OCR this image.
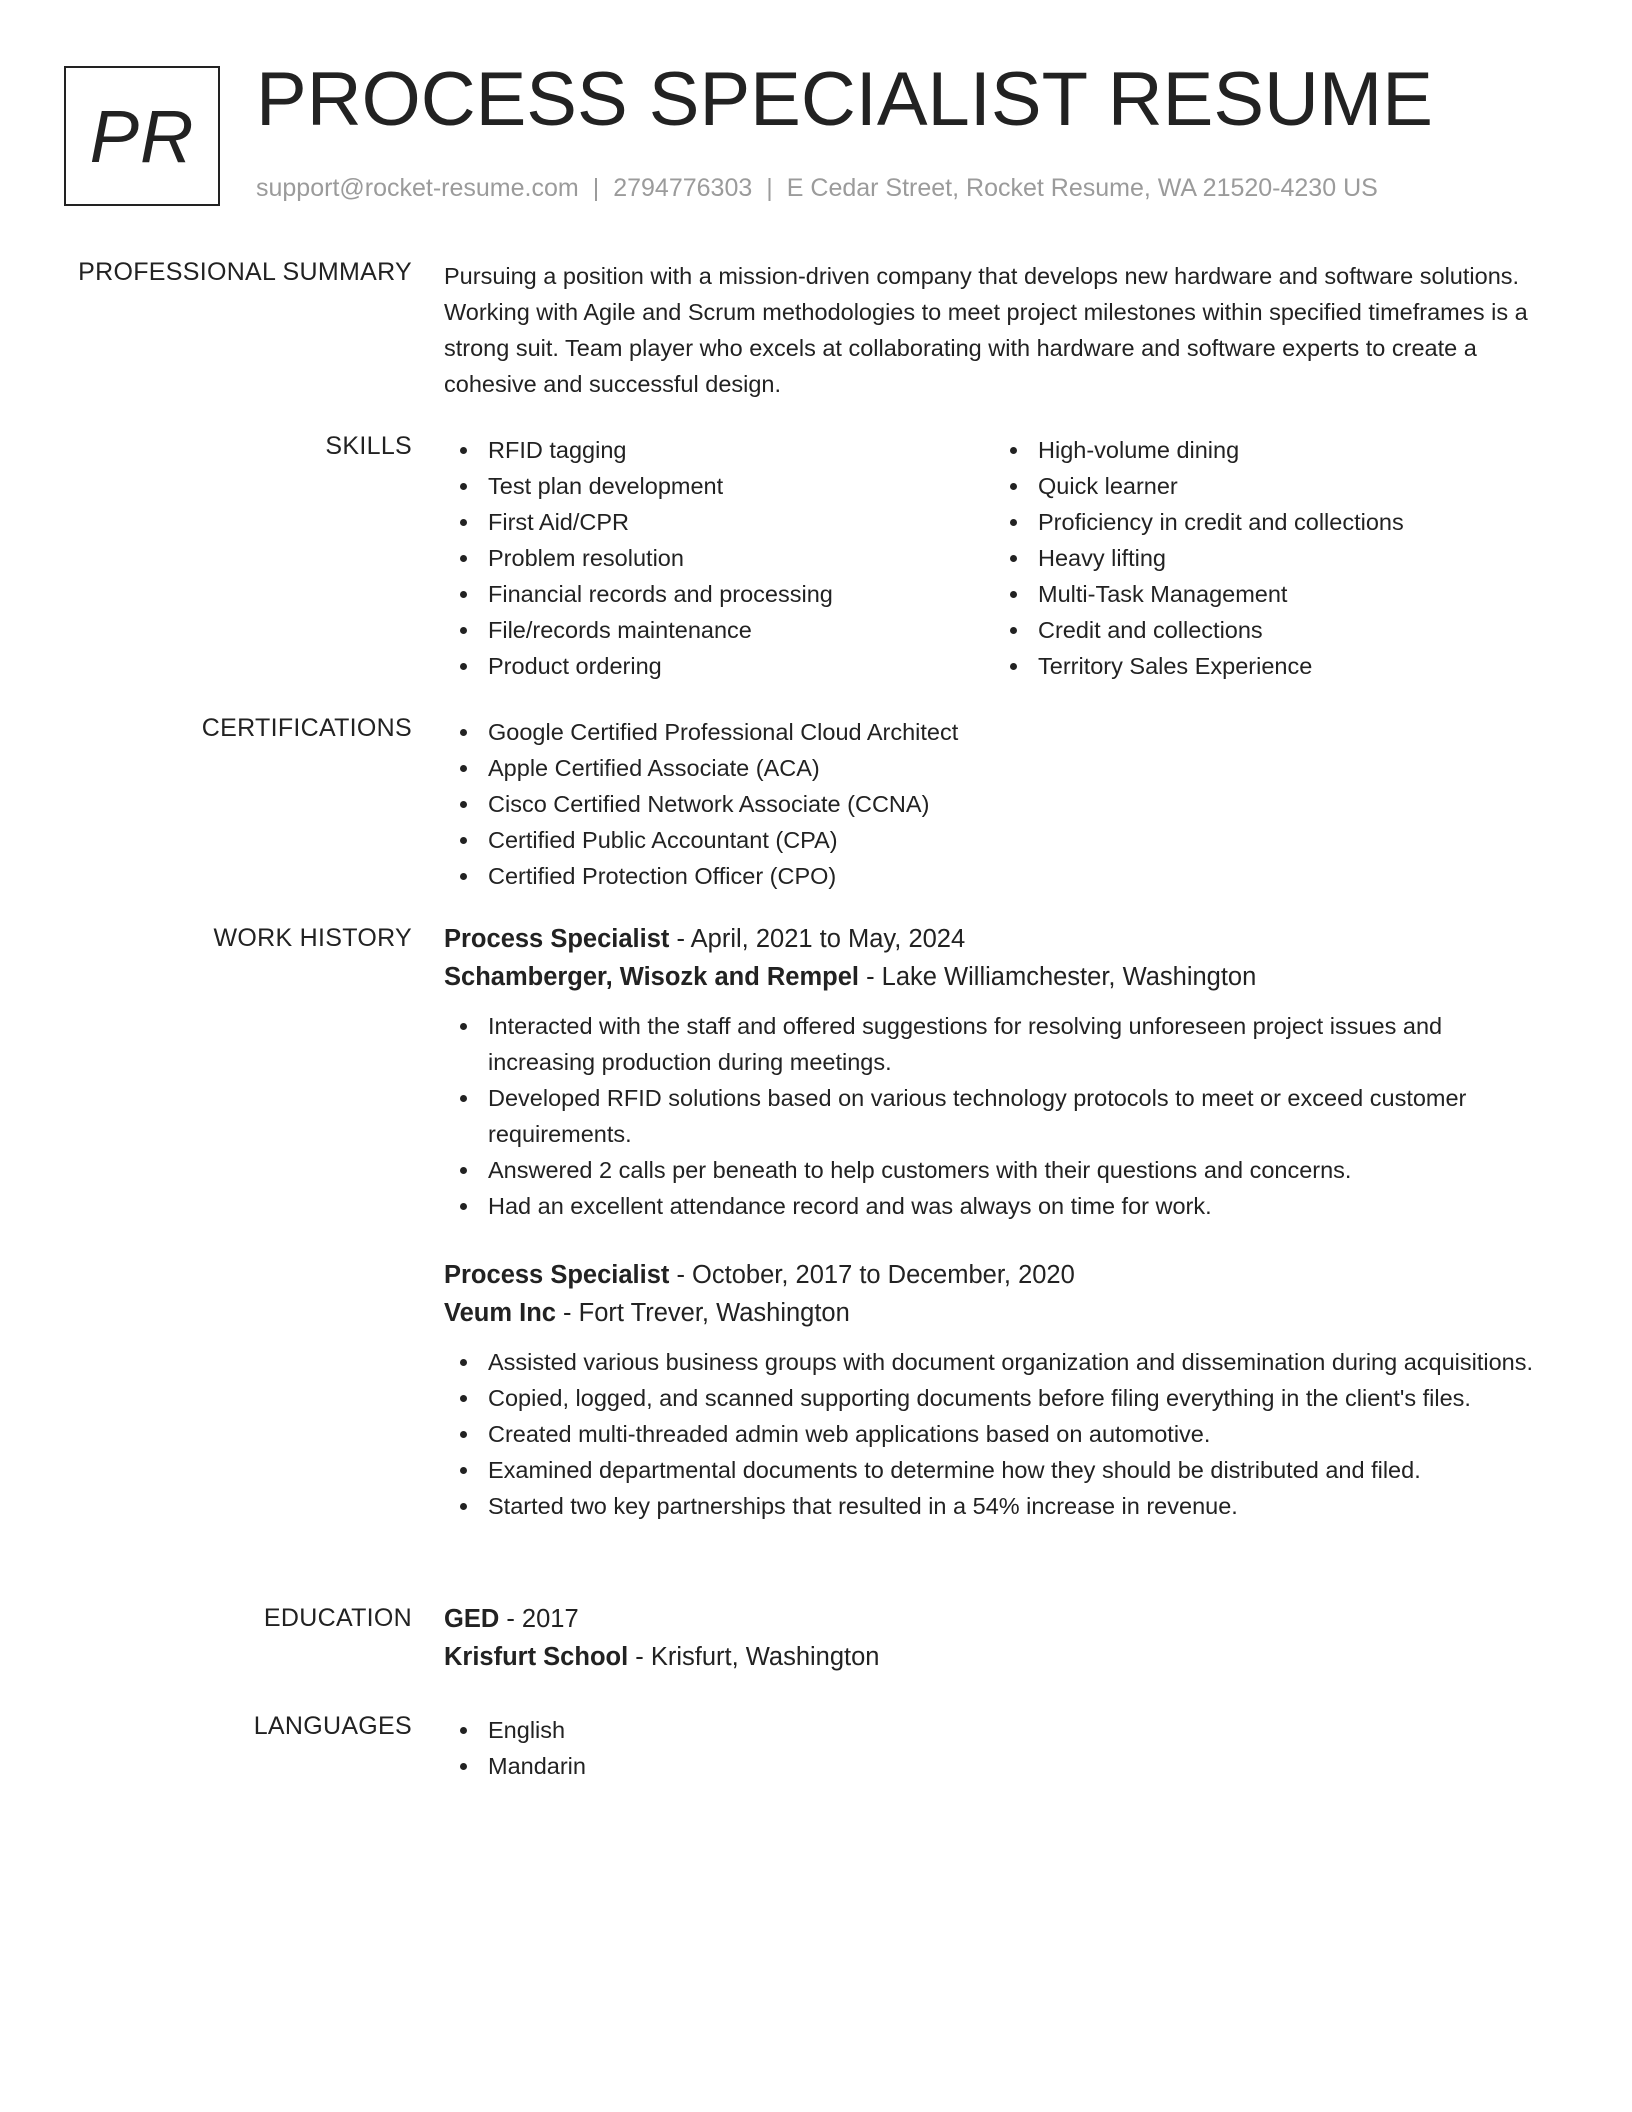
PR PROCESS SPECIALIST RESUME
support@rocket-resume.com | 2794776303 | E Cedar Street, Rocket Resume, WA 21520-4230 US
PROFESSIONAL SUMMARY Pursuing a position with a mission-driven company that develops new hardware and software solutions. Working with Agile and Scrum methodologies to meet project milestones within specified timeframes is a strong suit. Team player who excels at collaborating with hardware and software experts to create a cohesive and successful design.
SKILLS	RFID tagging
Test plan development
First Aid/CPR
Problem resolution
Financial records and processing
File/records maintenance
Product ordering
High-volume dining
Quick learner
Proficiency in credit and collections
Heavy lifting
Multi-Task Management
Credit and collections
Territory Sales Experience
CERTIFICATIONS	Google Certified Professional Cloud Architect
Apple Certified Associate (ACA)
Cisco Certified Network Associate (CCNA)
Certified Public Accountant (CPA)
Certified Protection Officer (CPO)
WORK HISTORY Process Specialist - April, 2021 to May, 2024
Schamberger, Wisozk and Rempel - Lake Williamchester, Washington
Interacted with the staff and offered suggestions for resolving unforeseen project issues and increasing production during meetings.
Developed RFID solutions based on various technology protocols to meet or exceed customer requirements.
Answered 2 calls per beneath to help customers with their questions and concerns.
Had an excellent attendance record and was always on time for work.
Process Specialist - October, 2017 to December, 2020
Veum Inc - Fort Trever, Washington
Assisted various business groups with document organization and dissemination during acquisitions.
Copied, logged, and scanned supporting documents before filing everything in the client's files.
Created multi-threaded admin web applications based on automotive.
Examined departmental documents to determine how they should be distributed and filed.
Started two key partnerships that resulted in a 54% increase in revenue.
EDUCATION GED - 2017
Krisfurt School - Krisfurt, Washington
LANGUAGES	English
Mandarin
